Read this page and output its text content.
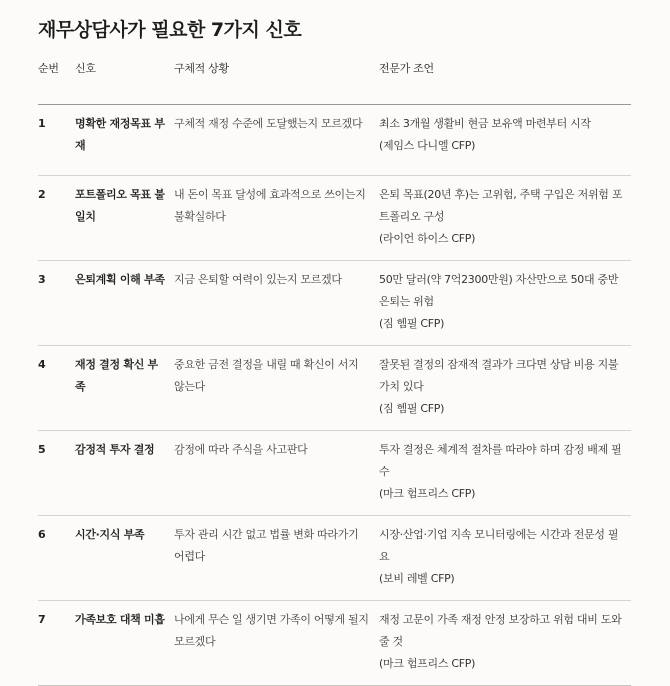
재무상담사가 필요한 7가지 신호
순번	신호	구체적 상황	전문가 조언
1	명확한 재정목표 부재	구체적 재정 수준에 도달했는지 모르겠다	최소 3개월 생활비 현금 보유액 마련부터 시작
(제임스 다니엘 CFP)

2	포트폴리오 목표 불일치	내 돈이 목표 달성에 효과적으로 쓰이는지 불확실하다	은퇴 목표(20년 후)는 고위험, 주택 구입은 저위험 포트폴리오 구성
(라이언 하이스 CFP)

3	은퇴계획 이해 부족	지금 은퇴할 여력이 있는지 모르겠다	50만 달러(약 7억2300만원) 자산만으로 50대 중반 은퇴는 위험
(짐 헴필 CFP)

4	재정 결정 확신 부족	중요한 금전 결정을 내릴 때 확신이 서지 않는다	잘못된 결정의 잠재적 결과가 크다면 상담 비용 지불 가치 있다
(짐 헴필 CFP)

5	감정적 투자 결정	감정에 따라 주식을 사고판다	투자 결정은 체계적 절차를 따라야 하며 감정 배제 필수
(마크 험프리스 CFP)

6	시간·지식 부족	투자 관리 시간 없고 법률 변화 따라가기 어렵다	시장·산업·기업 지속 모니터링에는 시간과 전문성 필요
(보비 레벨 CFP)

7	가족보호 대책 미흡	나에게 무슨 일 생기면 가족이 어떻게 될지 모르겠다	재정 고문이 가족 재정 안정 보장하고 위험 대비 도와줄 것
(마크 험프리스 CFP)
